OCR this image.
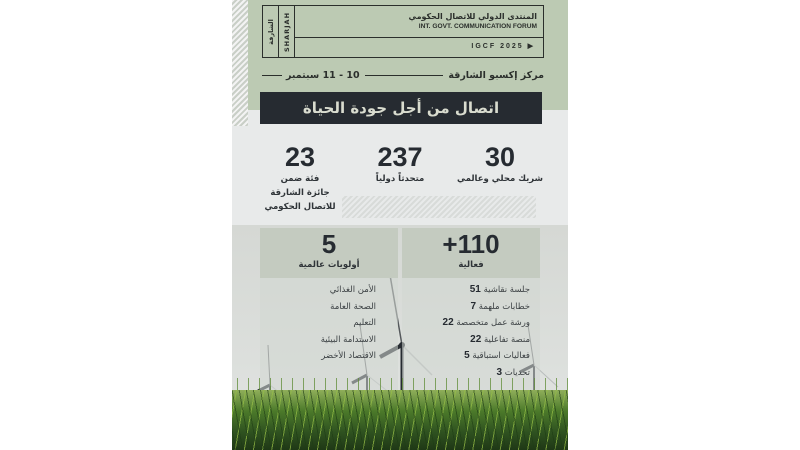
الشارقة SHARJAH	المنتدى الدولي للاتصال الحكومي
INT. GOVT. COMMUNICATION FORUM
IGCF 2025 ▶
مركز إكسبو الشارقة
10 - 11 سبتمبر
اتصال من أجل جودة الحياة
30
شريك محلي وعالمي
237
متحدثاً دولياً
23
فئة ضمن
جائزة الشارقة
للاتصال الحكومي
+110
فعالية
جلسة نقاشية 51
خطابات ملهمة 7
ورشة عمل متخصصة 22
منصة تفاعلية 22
فعاليات استباقية 5
تحديات 3
5
أولويات عالمية
الأمن الغذائي
الصحة العامة
التعليم
الاستدامة البيئية
الاقتصاد الأخضر
